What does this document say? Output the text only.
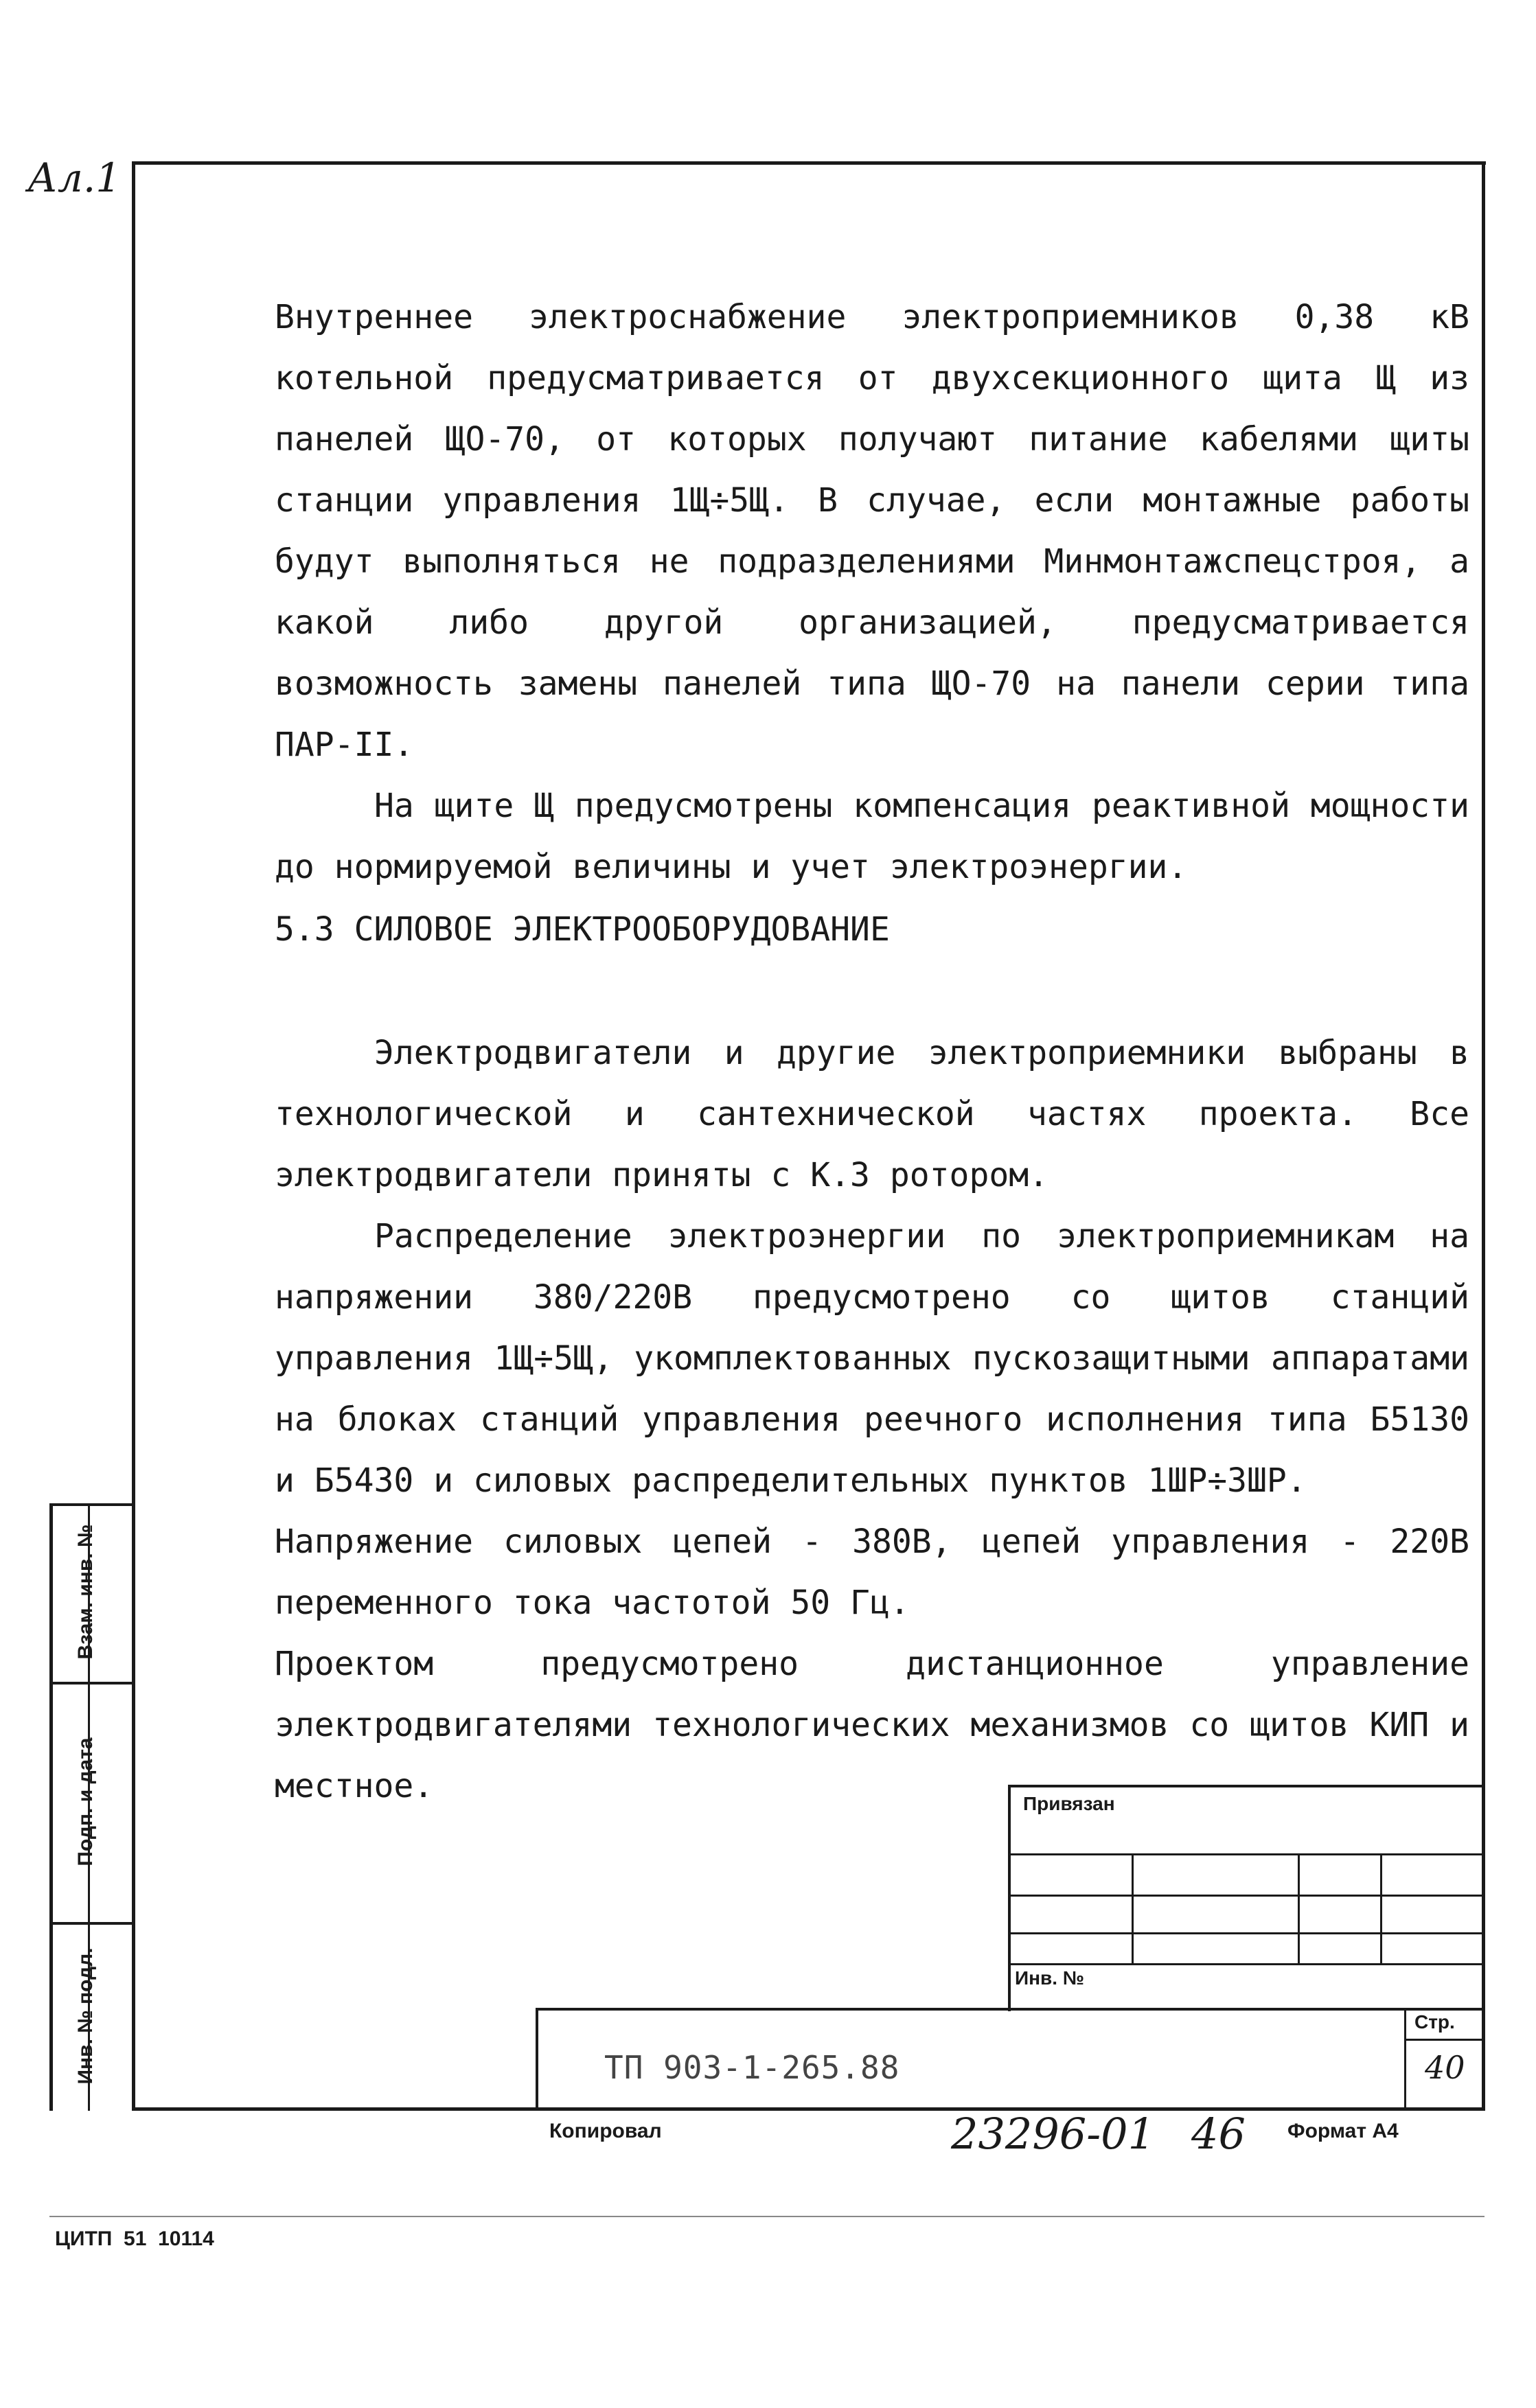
Ал.1
Взам. инв. №
Подп. и дата
Инв. № подл.

Внутреннее электроснабжение электроприемников 0,38 кВ котельной предусматривается от двухсекционного щита Щ из панелей ЩО-70, от которых получают питание кабелями щиты станции управления 1Щ÷5Щ. В случае, если монтажные работы будут выполняться не подразделениями Минмонтажспецстроя, а какой либо другой организацией, предусматривается возможность замены панелей типа ЩО-70 на панели серии типа ПАР-II.

На щите Щ предусмотрены компенсация реактивной мощности до нормируемой величины и учет электроэнергии.

5.3 СИЛОВОЕ ЭЛЕКТРООБОРУДОВАНИЕ

Электродвигатели и другие электроприемники выбраны в технологической и сантехнической частях проекта. Все электродвигатели приняты с К.З ротором.

Распределение электроэнергии по электроприемникам на напряжении 380/220В предусмотрено со щитов станций управления 1Щ÷5Щ, укомплектованных пускозащитными аппаратами на блоках станций управления реечного исполнения типа Б5130 и Б5430 и силовых распределительных пунктов 1ШР÷3ШР.

Напряжение силовых цепей - 380В, цепей управления - 220В переменного тока частотой 50 Гц.

Проектом предусмотрено дистанционное управление электродвигателями технологических механизмов со щитов КИП и местное.	Привязан
Инв. №
ТП 903-1-265.88
Стр.
40
Копировал	23296-01 46 Формат А4
ЦИТП  51  10114
